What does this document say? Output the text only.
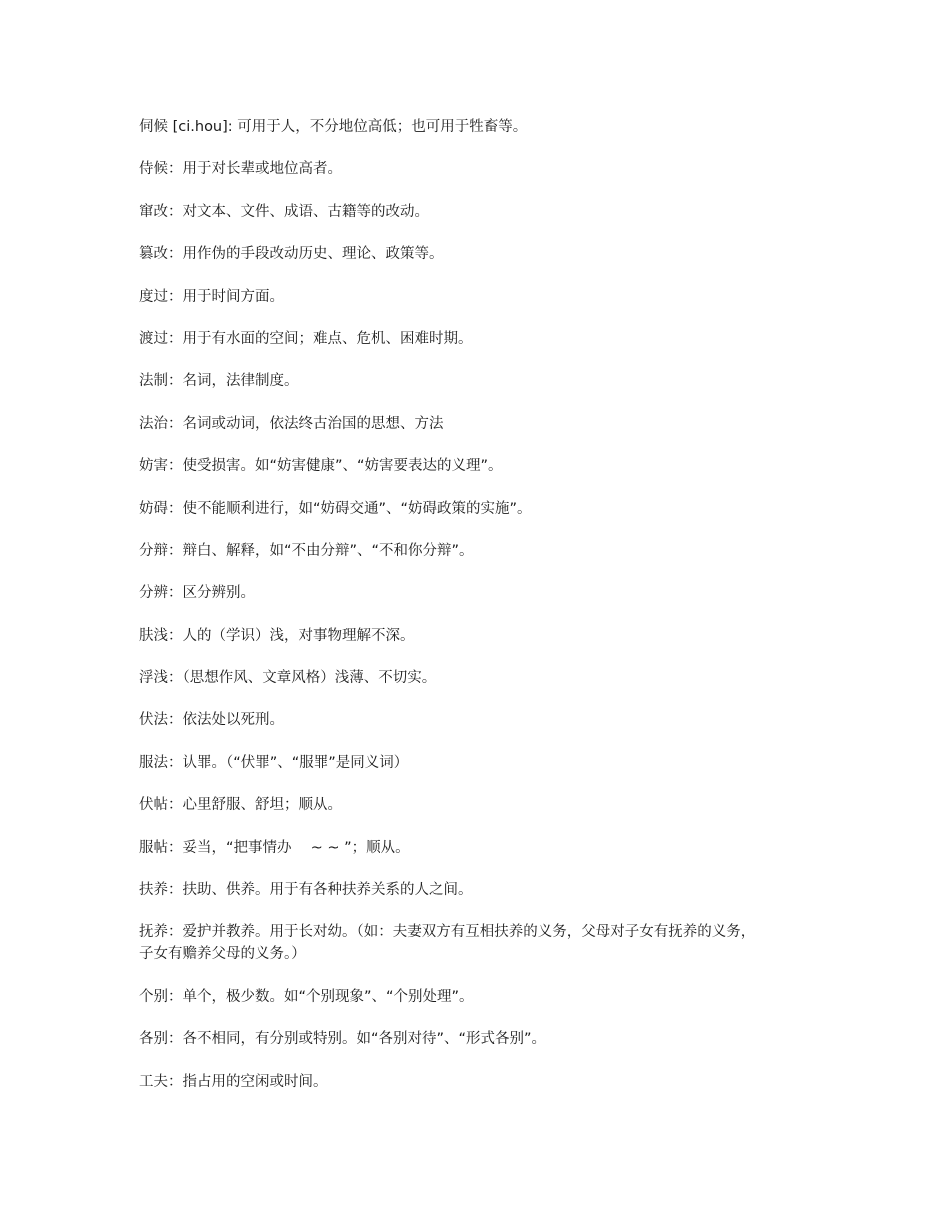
伺候 [ci.hou]: 可用于人，不分地位高低；也可用于牲畜等。

侍候：用于对长辈或地位高者。

窜改：对文本、文件、成语、古籍等的改动。

篡改：用作伪的手段改动历史、理论、政策等。

度过：用于时间方面。

渡过：用于有水面的空间；难点、危机、困难时期。

法制：名词，法律制度。

法治：名词或动词，依法终古治国的思想、方法

妨害：使受损害。如“妨害健康”、“妨害要表达的义理”。

妨碍：使不能顺利进行，如“妨碍交通”、“妨碍政策的实施”。

分辩：辩白、解释，如“不由分辩”、“不和你分辩”。

分辨：区分辨别。

肤浅：人的（学识）浅，对事物理解不深。

浮浅：（思想作风、文章风格）浅薄、不切实。

伏法：依法处以死刑。

服法：认罪。（“伏罪”、“服罪”是同义词）

伏帖：心里舒服、舒坦；顺从。

服帖：妥当，“把事情办　 ~ ~ ”；顺从。

扶养：扶助、供养。用于有各种扶养关系的人之间。

抚养：爱护并教养。用于长对幼。（如：夫妻双方有互相扶养的义务，父母对子女有抚养的义务，子女有赡养父母的义务。）

个别：单个，极少数。如“个别现象”、“个别处理”。

各别：各不相同，有分别或特别。如“各别对待”、“形式各别”。

工夫：指占用的空闲或时间。
